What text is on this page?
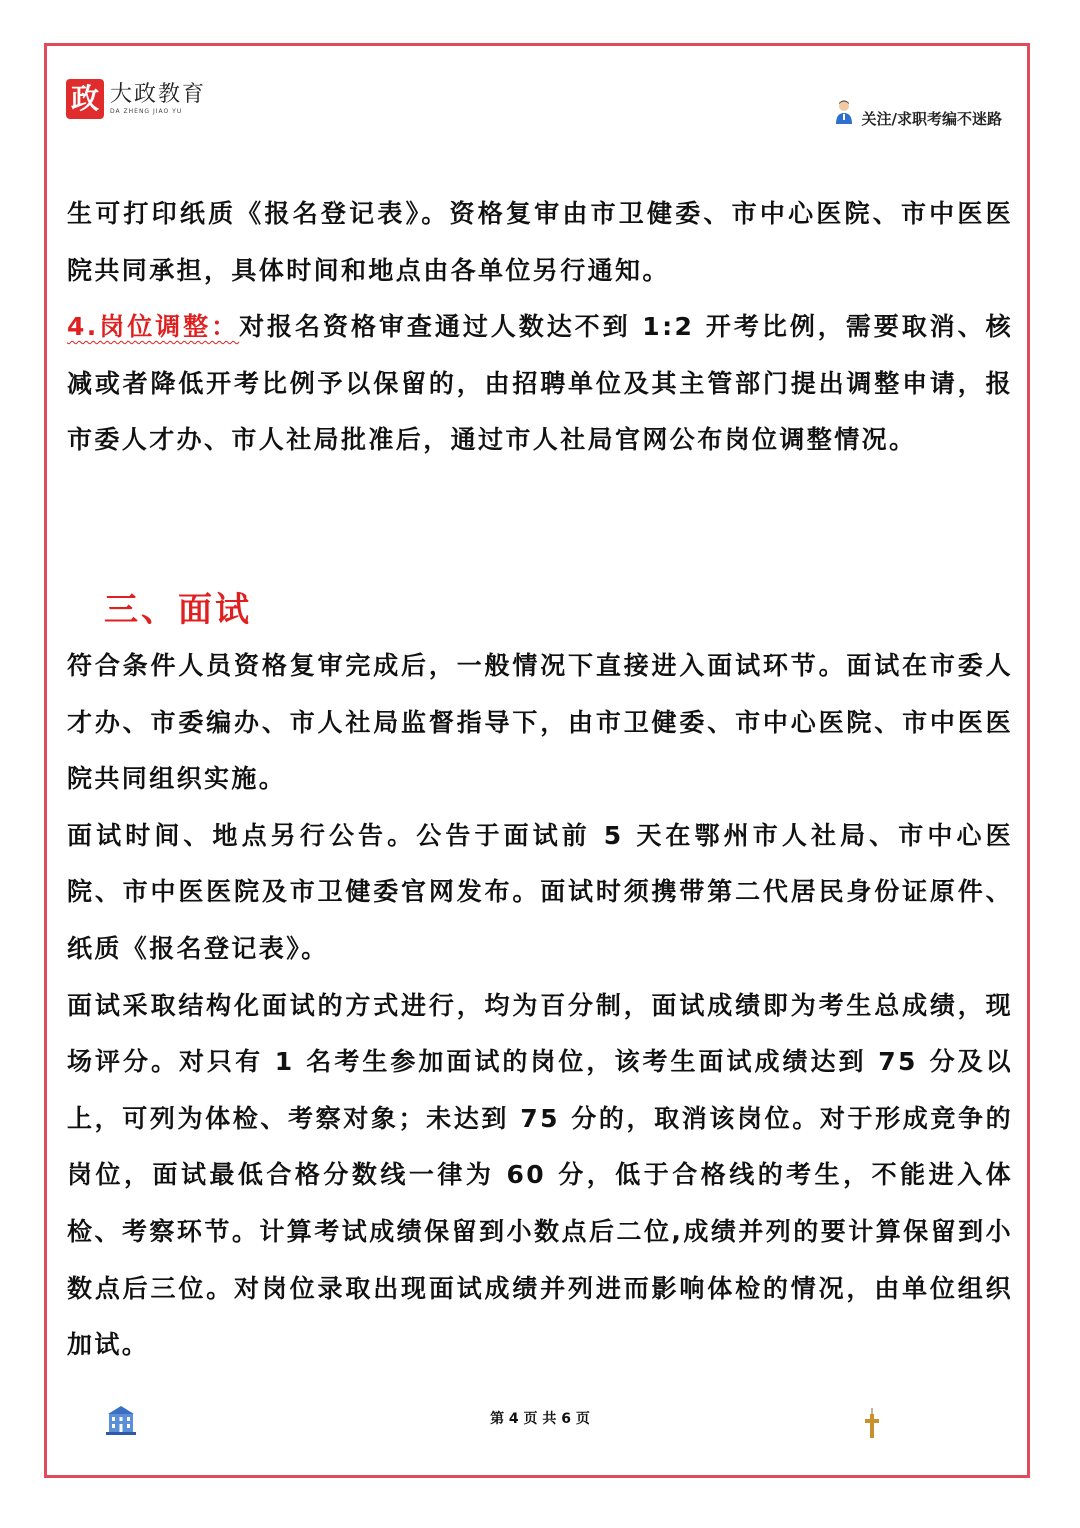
政 大政教育
DA ZHENG JIAO YU	关注/求职考编不迷路

生可打印纸质《报名登记表》。资格复审由市卫健委、市中心医院、市中医医院共同承担，具体时间和地点由各单位另行通知。

4.岗位调整：对报名资格审查通过人数达不到 1:2 开考比例，需要取消、核减或者降低开考比例予以保留的，由招聘单位及其主管部门提出调整申请，报市委人才办、市人社局批准后，通过市人社局官网公布岗位调整情况。

三、面试

符合条件人员资格复审完成后，一般情况下直接进入面试环节。面试在市委人才办、市委编办、市人社局监督指导下，由市卫健委、市中心医院、市中医医院共同组织实施。

面试时间、地点另行公告。公告于面试前 5 天在鄂州市人社局、市中心医院、市中医医院及市卫健委官网发布。面试时须携带第二代居民身份证原件、纸质《报名登记表》。

面试采取结构化面试的方式进行，均为百分制，面试成绩即为考生总成绩，现场评分。对只有 1 名考生参加面试的岗位，该考生面试成绩达到 75 分及以上，可列为体检、考察对象；未达到 75 分的，取消该岗位。对于形成竞争的岗位，面试最低合格分数线一律为 60 分，低于合格线的考生，不能进入体检、考察环节。计算考试成绩保留到小数点后二位,成绩并列的要计算保留到小数点后三位。对岗位录取出现面试成绩并列进而影响体检的情况，由单位组织加试。

第 4 页 共 6 页
